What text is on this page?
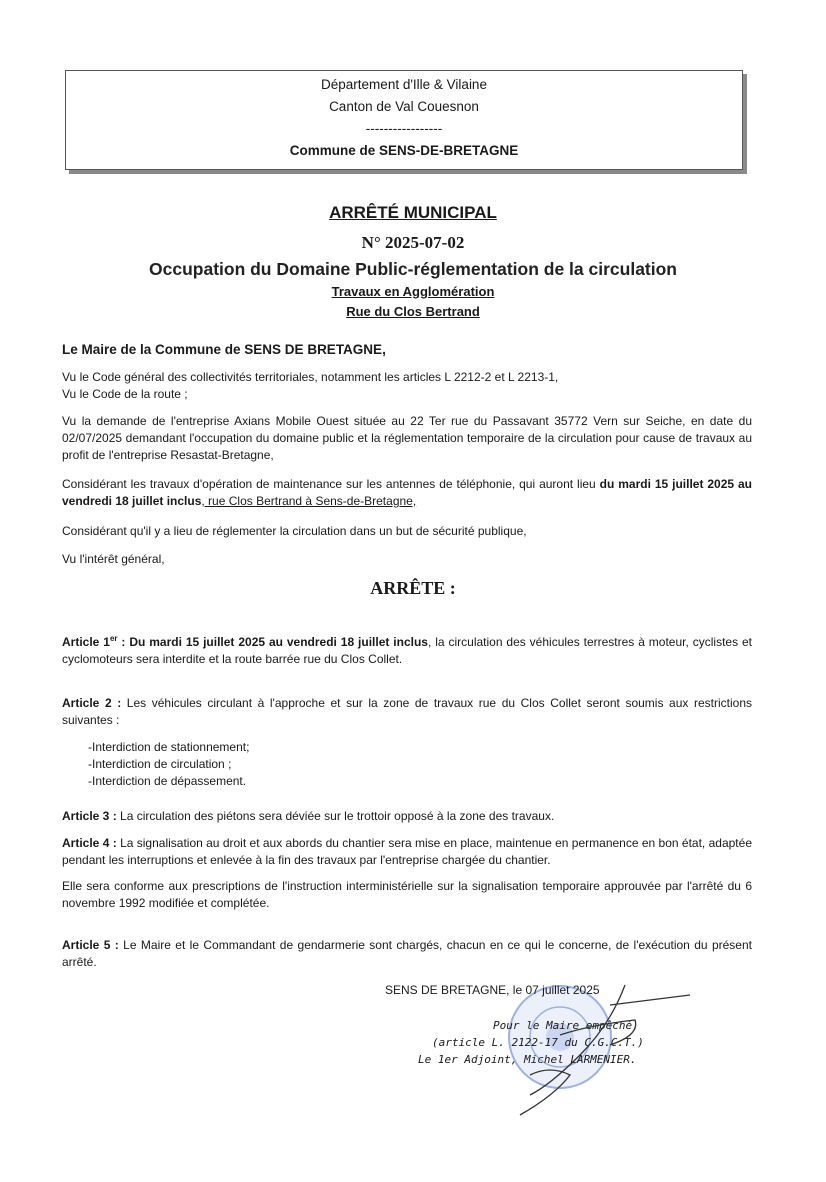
Département d'Ille & Vilaine
Canton de Val Couesnon
-----------------
Commune de SENS-DE-BRETAGNE
ARRÊTÉ MUNICIPAL
N° 2025-07-02
Occupation du Domaine Public-réglementation de la circulation
Travaux en Agglomération
Rue du Clos Bertrand
Le Maire de la Commune de SENS DE BRETAGNE,
Vu le Code général des collectivités territoriales, notamment les articles L 2212-2 et L 2213-1,
Vu le Code de la route ;
Vu la demande de l'entreprise Axians Mobile Ouest située au 22 Ter rue du Passavant 35772 Vern sur Seiche, en date du 02/07/2025 demandant l'occupation du domaine public et la réglementation temporaire de la circulation pour cause de travaux au profit de l'entreprise Resastat-Bretagne,
Considérant les travaux d'opération de maintenance sur les antennes de téléphonie, qui auront lieu du mardi 15 juillet 2025 au vendredi 18 juillet inclus, rue Clos Bertrand à Sens-de-Bretagne,
Considérant qu'il y a lieu de réglementer la circulation dans un but de sécurité publique,
Vu l'intérêt général,
ARRÊTE :
Article 1er : Du mardi 15 juillet 2025 au vendredi 18 juillet inclus, la circulation des véhicules terrestres à moteur, cyclistes et cyclomoteurs sera interdite et la route barrée rue du Clos Collet.
Article 2 : Les véhicules circulant à l'approche et sur la zone de travaux rue du Clos Collet seront soumis aux restrictions suivantes :
-Interdiction de stationnement;
-Interdiction de circulation ;
-Interdiction de dépassement.
Article 3 : La circulation des piétons sera déviée sur le trottoir opposé à la zone des travaux.
Article 4 : La signalisation au droit et aux abords du chantier sera mise en place, maintenue en permanence en bon état, adaptée pendant les interruptions et enlevée à la fin des travaux par l'entreprise chargée du chantier.
Elle sera conforme aux prescriptions de l'instruction interministérielle sur la signalisation temporaire approuvée par l'arrêté du 6 novembre 1992 modifiée et complétée.
Article 5 : Le Maire et le Commandant de gendarmerie sont chargés, chacun en ce qui le concerne, de l'exécution du présent arrêté.
SENS DE BRETAGNE, le 07 juillet 2025
Pour le Maire empêché,
(article L. 2122-17 du C.G.C.T.)
Le 1er Adjoint, Michel LARMENIER.
